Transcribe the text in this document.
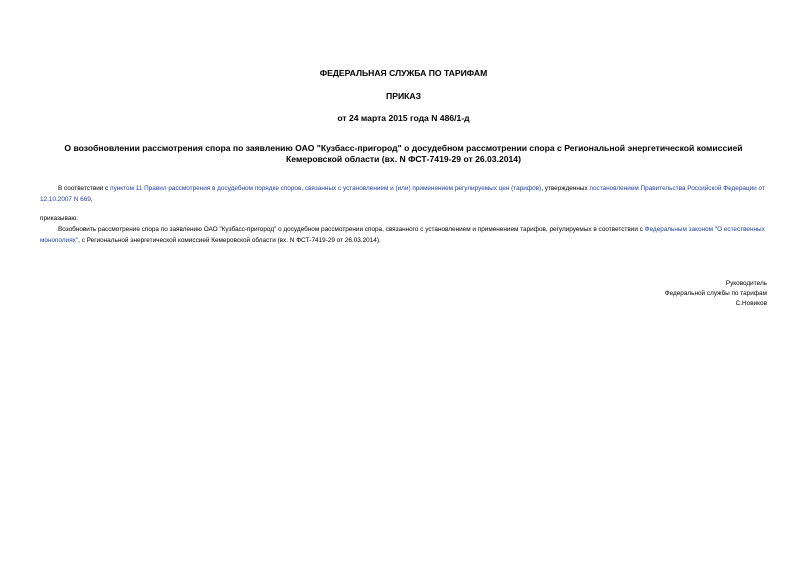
ФЕДЕРАЛЬНАЯ СЛУЖБА ПО ТАРИФАМ
ПРИКАЗ
от 24 марта 2015 года N 486/1-д
О возобновлении рассмотрения спора по заявлению ОАО "Кузбасс-пригород" о досудебном рассмотрении спора с Региональной энергетической комиссией Кемеровской области (вх. N ФСТ-7419-29 от 26.03.2014)
В соответствии с пунктом 11 Правил рассмотрения в досудебном порядке споров, связанных с установлением и (или) применением регулируемых цен (тарифов), утвержденных постановлением Правительства Российской Федерации от 12.10.2007 N 669,
приказываю:
Возобновить рассмотрение спора по заявлению ОАО "Кузбасс-пригород" о досудебном рассмотрении спора, связанного с установлением и применением тарифов, регулируемых в соответствии с Федеральным законом "О естественных монополиях", с Региональной энергетической комиссией Кемеровской области (вх. N ФСТ-7419-29 от 26.03.2014).
Руководитель
Федеральной службы по тарифам
С.Новиков
